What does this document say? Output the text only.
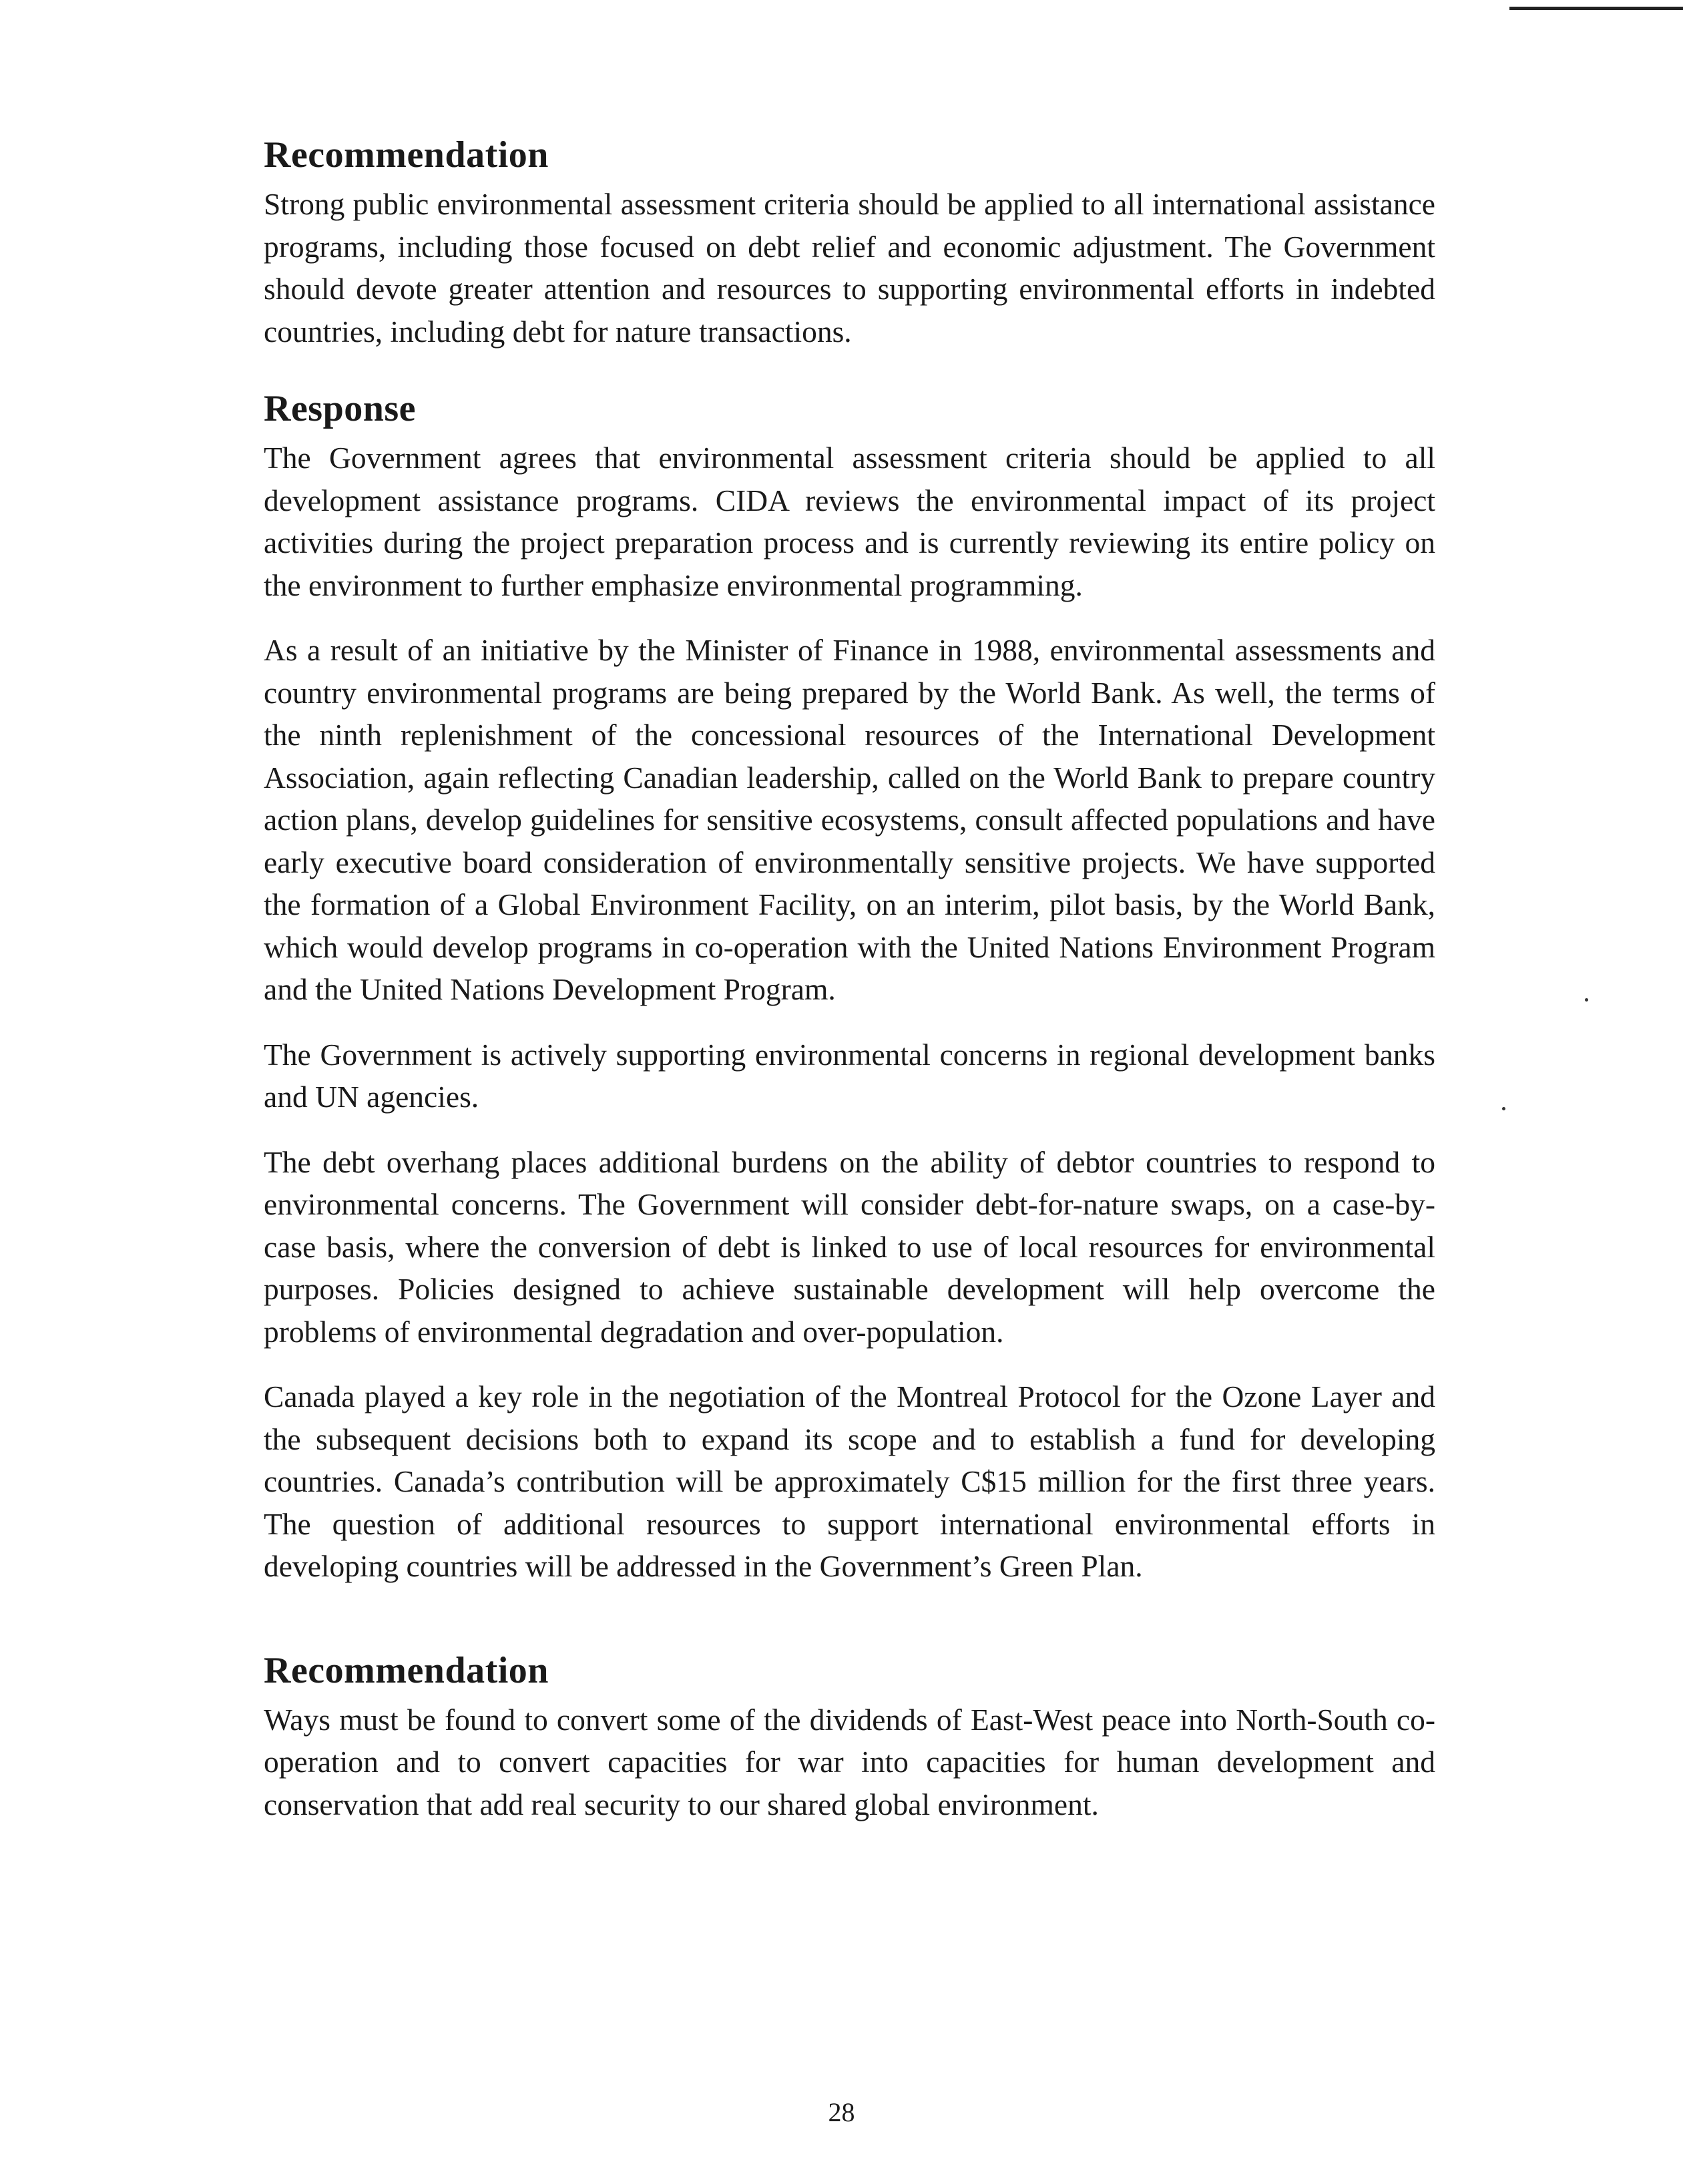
Recommendation

Strong public environmental assessment criteria should be applied to all international assistance programs, including those focused on debt relief and economic adjustment. The Government should devote greater attention and resources to supporting environmental efforts in indebted countries, including debt for nature transactions.

Response

The Government agrees that environmental assessment criteria should be applied to all development assistance programs. CIDA reviews the environmental impact of its project activities during the project preparation process and is currently reviewing its entire policy on the environment to further emphasize environmental programming.

As a result of an initiative by the Minister of Finance in 1988, environmental assessments and country environmental programs are being prepared by the World Bank. As well, the terms of the ninth replenishment of the concessional resources of the International Development Association, again reflecting Canadian leadership, called on the World Bank to prepare country action plans, develop guidelines for sensitive ecosystems, consult affected populations and have early executive board consideration of environmentally sensitive projects. We have supported the formation of a Global Environment Facility, on an interim, pilot basis, by the World Bank, which would develop programs in co-operation with the United Nations Environment Program and the United Nations Development Program.

The Government is actively supporting environmental concerns in regional development banks and UN agencies.

The debt overhang places additional burdens on the ability of debtor countries to respond to environmental concerns. The Government will consider debt-for-nature swaps, on a case-by-case basis, where the conversion of debt is linked to use of local resources for environmental purposes. Policies designed to achieve sustainable development will help overcome the problems of environmental degradation and over-population.

Canada played a key role in the negotiation of the Montreal Protocol for the Ozone Layer and the subsequent decisions both to expand its scope and to establish a fund for developing countries. Canada’s contribution will be approximately C$15 million for the first three years. The question of additional resources to support international environmental efforts in developing countries will be addressed in the Government’s Green Plan.

Recommendation

Ways must be found to convert some of the dividends of East-West peace into North-South co-operation and to convert capacities for war into capacities for human development and conservation that add real security to our shared global environment.

28
